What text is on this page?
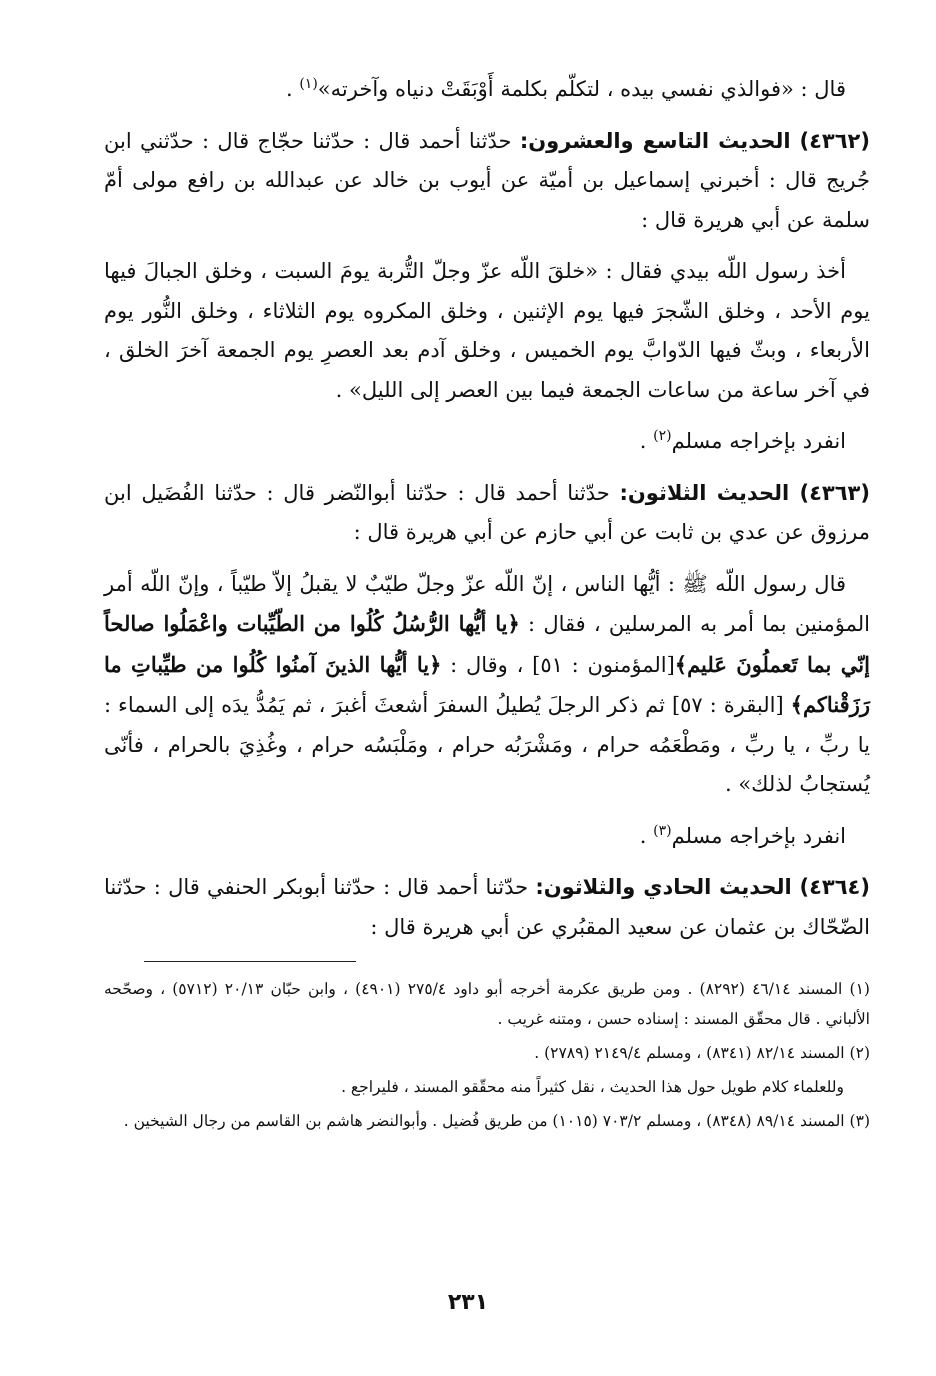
قال : «فوالذي نفسي بيده ، لتكلّم بكلمة أَوْبَقَتْ دنياه وآخرته»$^{(١)}$ .

(٤٣٦٢) الحديث التاسع والعشرون: حدّثنا أحمد قال : حدّثنا حجّاج قال : حدّثني ابن جُريج قال : أخبرني إسماعيل بن أميّة عن أيوب بن خالد عن عبدالله بن رافع مولى أمّ سلمة عن أبي هريرة قال :

أخذ رسول اللّه بيدي فقال : «خلقَ اللّه عزّ وجلّ التُّربة يومَ السبت ، وخلق الجبالَ فيها يوم الأحد ، وخلق الشّجرَ فيها يوم الإثنين ، وخلق المكروه يوم الثلاثاء ، وخلق النُّور يوم الأربعاء ، وبثّ فيها الدّوابَّ يوم الخميس ، وخلق آدم بعد العصرِ يوم الجمعة آخرَ الخلق ، في آخر ساعة من ساعات الجمعة فيما بين العصر إلى الليل» .

انفرد بإخراجه مسلم$^{(٢)}$ .

(٤٣٦٣) الحديث الثلاثون: حدّثنا أحمد قال : حدّثنا أبوالنّضر قال : حدّثنا الفُضَيل ابن مرزوق عن عدي بن ثابت عن أبي حازم عن أبي هريرة قال :

قال رسول اللّه ﷺ : أيُّها الناس ، إنّ اللّه عزّ وجلّ طيّبٌ لا يقبلُ إلاّ طيّباً ، وإنّ اللّه أمر المؤمنين بما أمر به المرسلين ، فقال : ﴿يا أيُّها الرُّسُلُ كُلُوا من الطّيِّبات واعْمَلُوا صالحاً إنّي بما تَعملُونَ عَليم﴾[المؤمنون : ٥١] ، وقال : ﴿يا أيُّها الذينَ آمنُوا كُلُوا من طيِّباتِ ما رَزَقْناكم﴾ [البقرة : ٥٧] ثم ذكر الرجلَ يُطيلُ السفرَ أشعثَ أغبرَ ، ثم يَمُدُّ يدَه إلى السماء : يا ربِّ ، يا ربِّ ، ومَطْعَمُه حرام ، ومَشْرَبُه حرام ، ومَلْبَسُه حرام ، وغُذِيَ بالحرام ، فأنّى يُستجابُ لذلك» .

انفرد بإخراجه مسلم$^{(٣)}$ .

(٤٣٦٤) الحديث الحادي والثلاثون: حدّثنا أحمد قال : حدّثنا أبوبكر الحنفي قال : حدّثنا الضّحّاك بن عثمان عن سعيد المقبُري عن أبي هريرة قال :

(١) المسند ٤٦/١٤ (٨٢٩٢) . ومن طريق عكرمة أخرجه أبو داود ٢٧٥/٤ (٤٩٠١) ، وابن حبّان ٢٠/١٣ (٥٧١٢) ، وصحّحه الألباني . قال محقّق المسند : إسناده حسن ، ومتنه غريب .

(٢) المسند ٨٢/١٤ (٨٣٤١) ، ومسلم ٢١٤٩/٤ (٢٧٨٩) .

وللعلماء كلام طويل حول هذا الحديث ، نقل كثيراً منه محقّقو المسند ، فليراجع .

(٣) المسند ٨٩/١٤ (٨٣٤٨) ، ومسلم ٧٠٣/٢ (١٠١٥) من طريق فُضيل . وأبوالنضر هاشم بن القاسم من رجال الشيخين .

٢٣١
